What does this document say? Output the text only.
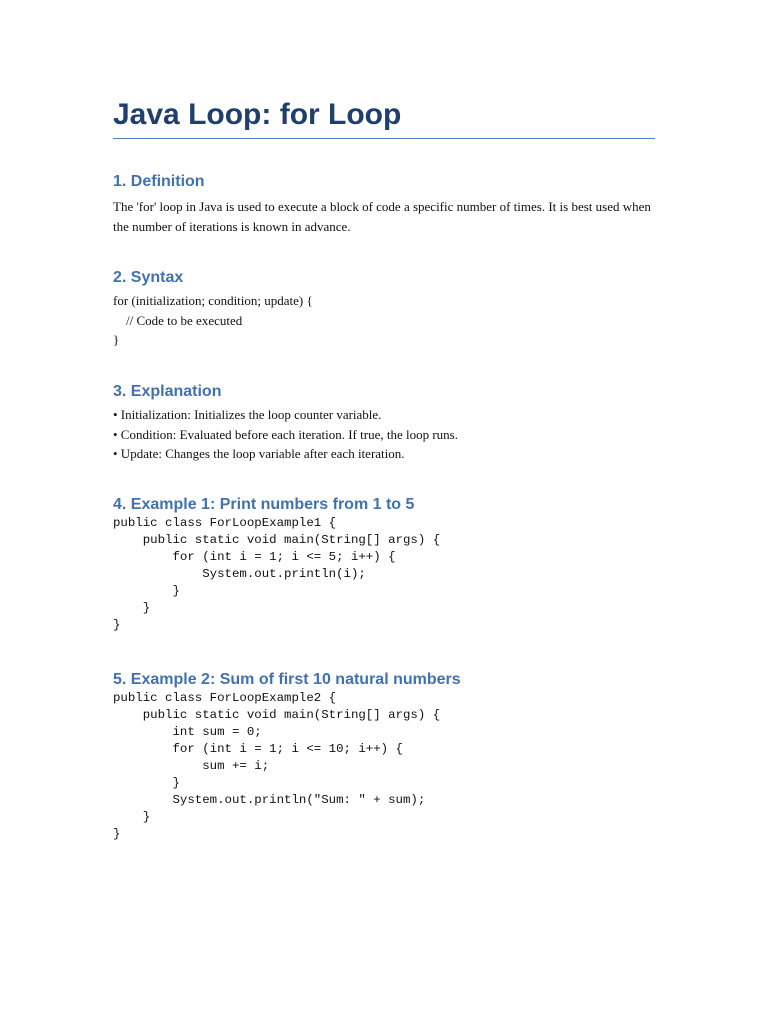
Java Loop: for Loop
1. Definition

The 'for' loop in Java is used to execute a block of code a specific number of times. It is best used when the number of iterations is known in advance.

2. Syntax

for (initialization; condition; update) {

// Code to be executed

}

3. Explanation

• Initialization: Initializes the loop counter variable.

• Condition: Evaluated before each iteration. If true, the loop runs.

• Update: Changes the loop variable after each iteration.

4. Example 1: Print numbers from 1 to 5

public class ForLoopExample1 {

public static void main(String[] args) {

for (int i = 1; i <= 5; i++) {

System.out.println(i);

}

}

}

5. Example 2: Sum of first 10 natural numbers

public class ForLoopExample2 {

public static void main(String[] args) {

int sum = 0;

for (int i = 1; i <= 10; i++) {

sum += i;

}

System.out.println("Sum: " + sum);

}

}
